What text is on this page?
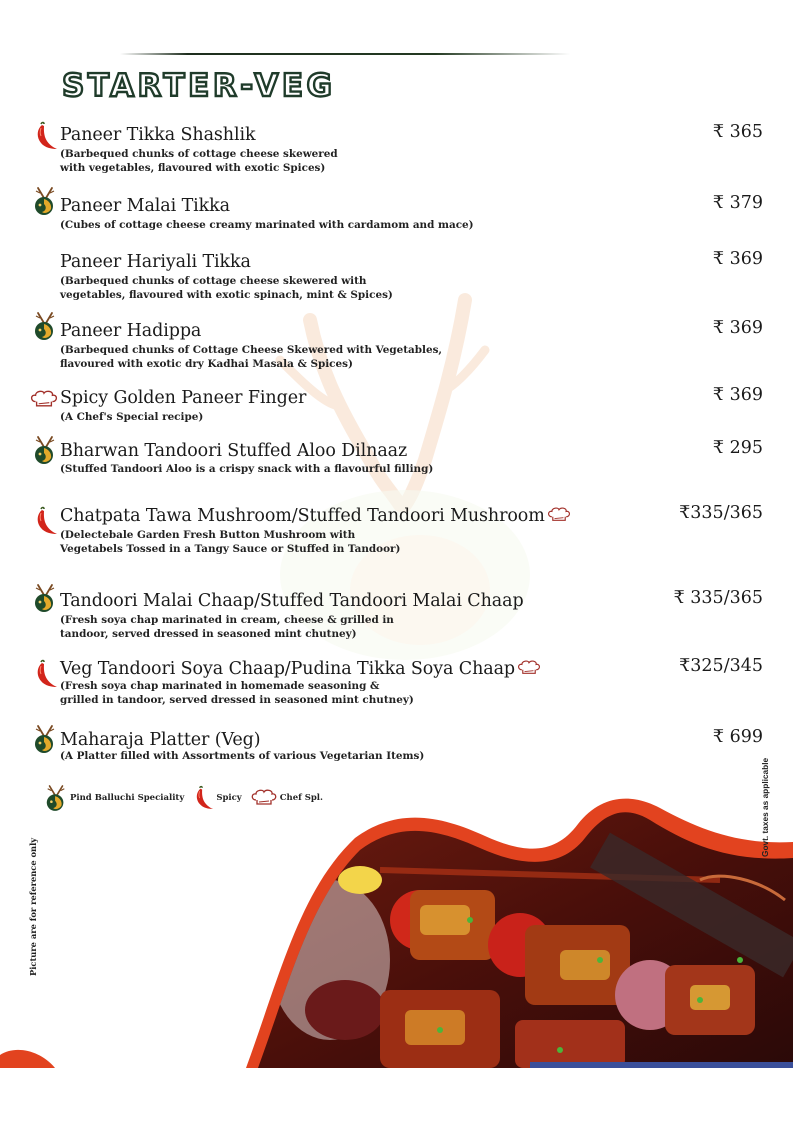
STARTER-VEG
Paneer Tikka Shashlik
(Barbequed chunks of cottage cheese skewered
with vegetables, flavoured with exotic Spices)
₹ 365
Paneer Malai Tikka
(Cubes of cottage cheese creamy marinated with cardamom and mace)
₹ 379
Paneer Hariyali Tikka
(Barbequed chunks of cottage cheese skewered with
vegetables, flavoured with exotic spinach, mint & Spices)
₹ 369
Paneer Hadippa
(Barbequed chunks of Cottage Cheese Skewered with Vegetables,
flavoured with exotic dry Kadhai Masala & Spices)
₹ 369
Spicy Golden Paneer Finger
(A Chef's Special recipe)
₹ 369
Bharwan Tandoori Stuffed Aloo Dilnaaz
(Stuffed Tandoori Aloo is a crispy snack with a flavourful filling)
₹ 295
Chatpata Tawa Mushroom/Stuffed Tandoori Mushroom
(Delectebale Garden Fresh Button Mushroom with
Vegetabels Tossed in a Tangy Sauce or Stuffed in Tandoor)
₹335/365
Tandoori Malai Chaap/Stuffed Tandoori Malai Chaap
(Fresh soya chap marinated in cream, cheese & grilled in
tandoor, served dressed in seasoned mint chutney)
₹ 335/365
Veg Tandoori Soya Chaap/Pudina Tikka Soya Chaap
(Fresh soya chap marinated in homemade seasoning &
grilled in tandoor, served dressed in seasoned mint chutney)
₹325/345
Maharaja Platter (Veg)
(A Platter filled with Assortments of various Vegetarian Items)
₹ 699
Pind Balluchi Speciality	Spicy	Chef Spl.
Picture are for reference only
Govt. taxes as applicable
